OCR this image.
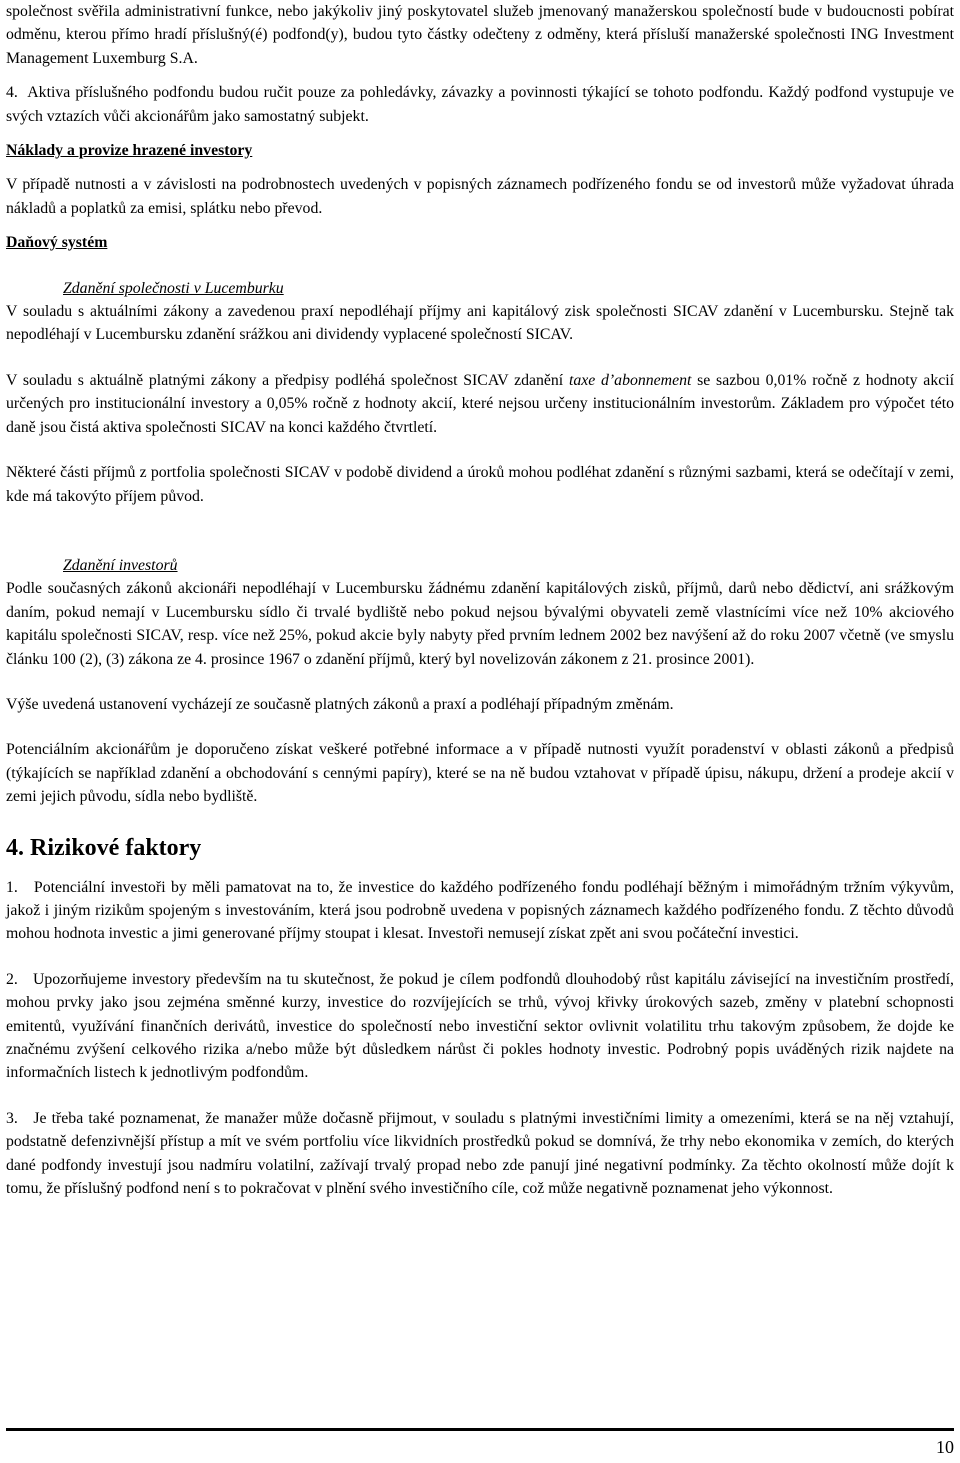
společnost svěřila administrativní funkce, nebo jakýkoliv jiný poskytovatel služeb jmenovaný manažerskou společností bude v budoucnosti pobírat odměnu, kterou přímo hradí příslušný(é) podfond(y), budou tyto částky odečteny z odměny, která přísluší manažerské společnosti ING Investment Management Luxemburg S.A.

4. Aktiva příslušného podfondu budou ručit pouze za pohledávky, závazky a povinnosti týkající se tohoto podfondu. Každý podfond vystupuje ve svých vztazích vůči akcionářům jako samostatný subjekt.

Náklady a provize hrazené investory

V případě nutnosti a v závislosti na podrobnostech uvedených v popisných záznamech podřízeného fondu se od investorů může vyžadovat úhrada nákladů a poplatků za emisi, splátku nebo převod.

Daňový systém

Zdanění společnosti v Lucemburku

V souladu s aktuálními zákony a zavedenou praxí nepodléhají příjmy ani kapitálový zisk společnosti SICAV zdanění v Lucembursku. Stejně tak nepodléhají v Lucembursku zdanění srážkou ani dividendy vyplacené společností SICAV.

V souladu s aktuálně platnými zákony a předpisy podléhá společnost SICAV zdanění taxe d’abonnement se sazbou 0,01% ročně z hodnoty akcií určených pro institucionální investory a 0,05% ročně z hodnoty akcií, které nejsou určeny institucionálním investorům. Základem pro výpočet této daně jsou čistá aktiva společnosti SICAV na konci každého čtvrtletí.

Některé části příjmů z portfolia společnosti SICAV v podobě dividend a úroků mohou podléhat zdanění s různými sazbami, která se odečítají v zemi, kde má takovýto příjem původ.

Zdanění investorů

Podle současných zákonů akcionáři nepodléhají v Lucembursku žádnému zdanění kapitálových zisků, příjmů, darů nebo dědictví, ani srážkovým daním, pokud nemají v Lucembursku sídlo či trvalé bydliště nebo pokud nejsou bývalými obyvateli země vlastnícími více než 10% akciového kapitálu společnosti SICAV, resp. více než 25%, pokud akcie byly nabyty před prvním lednem 2002 bez navýšení až do roku 2007 včetně (ve smyslu článku 100 (2), (3) zákona ze 4. prosince 1967 o zdanění příjmů, který byl novelizován zákonem z 21. prosince 2001).

Výše uvedená ustanovení vycházejí ze současně platných zákonů a praxí a podléhají případným změnám.

Potenciálním akcionářům je doporučeno získat veškeré potřebné informace a v případě nutnosti využít poradenství v oblasti zákonů a předpisů (týkajících se například zdanění a obchodování s cennými papíry), které se na ně budou vztahovat v případě úpisu, nákupu, držení a prodeje akcií v zemi jejich původu, sídla nebo bydliště.

4. Rizikové faktory

1. Potenciální investoři by měli pamatovat na to, že investice do každého podřízeného fondu podléhají běžným i mimořádným tržním výkyvům, jakož i jiným rizikům spojeným s investováním, která jsou podrobně uvedena v popisných záznamech každého podřízeného fondu. Z těchto důvodů mohou hodnota investic a jimi generované příjmy stoupat i klesat. Investoři nemusejí získat zpět ani svou počáteční investici.

2. Upozorňujeme investory především na tu skutečnost, že pokud je cílem podfondů dlouhodobý růst kapitálu závisející na investičním prostředí, mohou prvky jako jsou zejména směnné kurzy, investice do rozvíjejících se trhů, vývoj křivky úrokových sazeb, změny v platební schopnosti emitentů, využívání finančních derivátů, investice do společností nebo investiční sektor ovlivnit volatilitu trhu takovým způsobem, že dojde ke značnému zvýšení celkového rizika a/nebo může být důsledkem nárůst či pokles hodnoty investic. Podrobný popis uváděných rizik najdete na informačních listech k jednotlivým podfondům.

3. Je třeba také poznamenat, že manažer může dočasně přijmout, v souladu s platnými investičními limity a omezeními, která se na něj vztahují, podstatně defenzivnější přístup a mít ve svém portfoliu více likvidních prostředků pokud se domnívá, že trhy nebo ekonomika v zemích, do kterých dané podfondy investují jsou nadmíru volatilní, zažívají trvalý propad nebo zde panují jiné negativní podmínky. Za těchto okolností může dojít k tomu, že příslušný podfond není s to pokračovat v plnění svého investičního cíle, což může negativně poznamenat jeho výkonnost.

10
